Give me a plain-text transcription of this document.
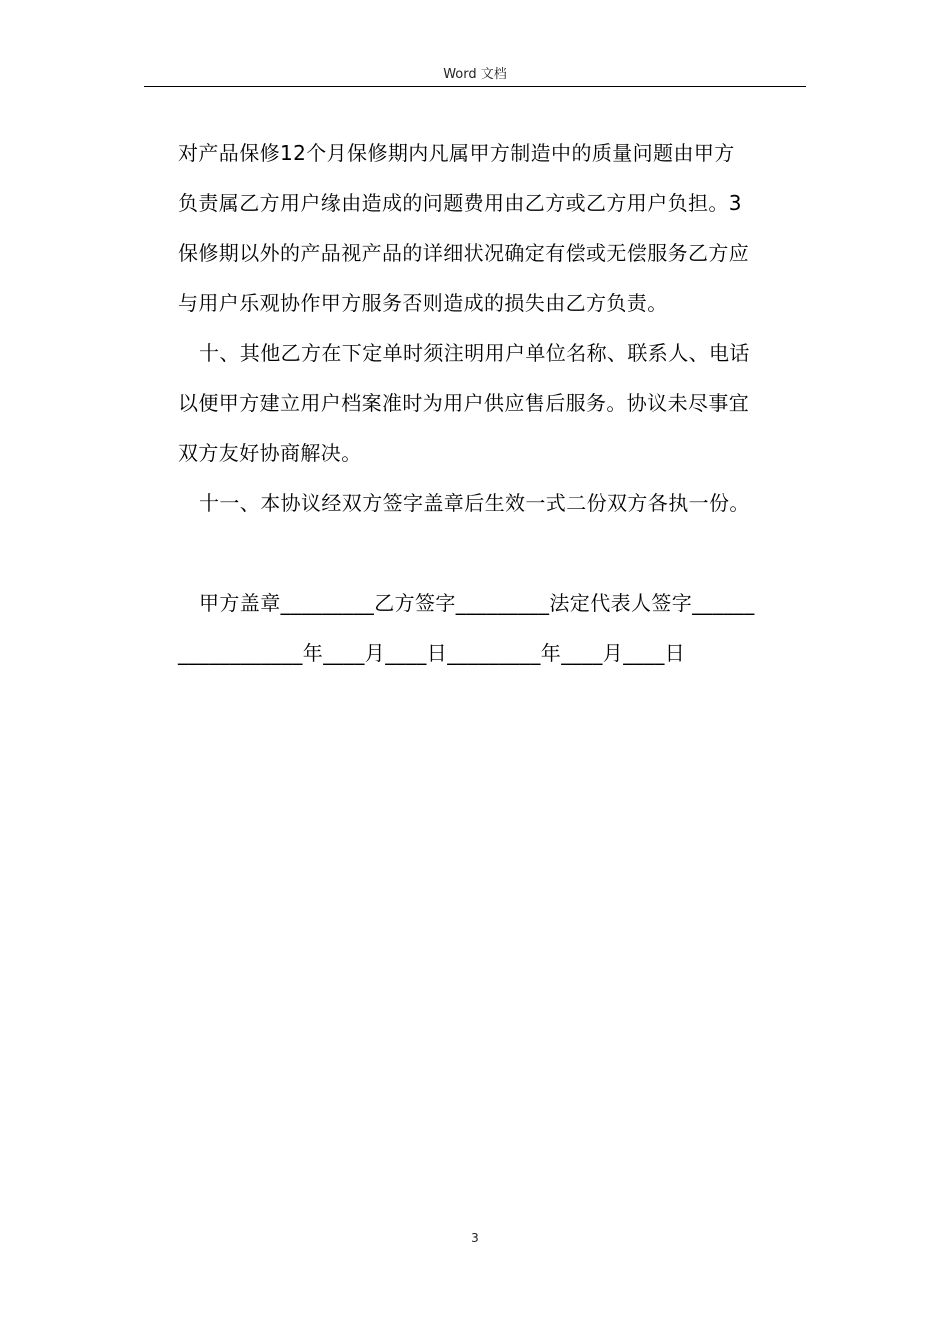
Word 文档
对产品保修12个月保修期内凡属甲方制造中的质量问题由甲方
负责属乙方用户缘由造成的问题费用由乙方或乙方用户负担。3
保修期以外的产品视产品的详细状况确定有偿或无偿服务乙方应
与用户乐观协作甲方服务否则造成的损失由乙方负责。
十、其他乙方在下定单时须注明用户单位名称、联系人、电话
以便甲方建立用户档案准时为用户供应售后服务。协议未尽事宜
双方友好协商解决。
十一、本协议经双方签字盖章后生效一式二份双方各执一份。
甲方盖章_________乙方签字_________法定代表人签字______
____________年____月____日_________年____月____日
3
